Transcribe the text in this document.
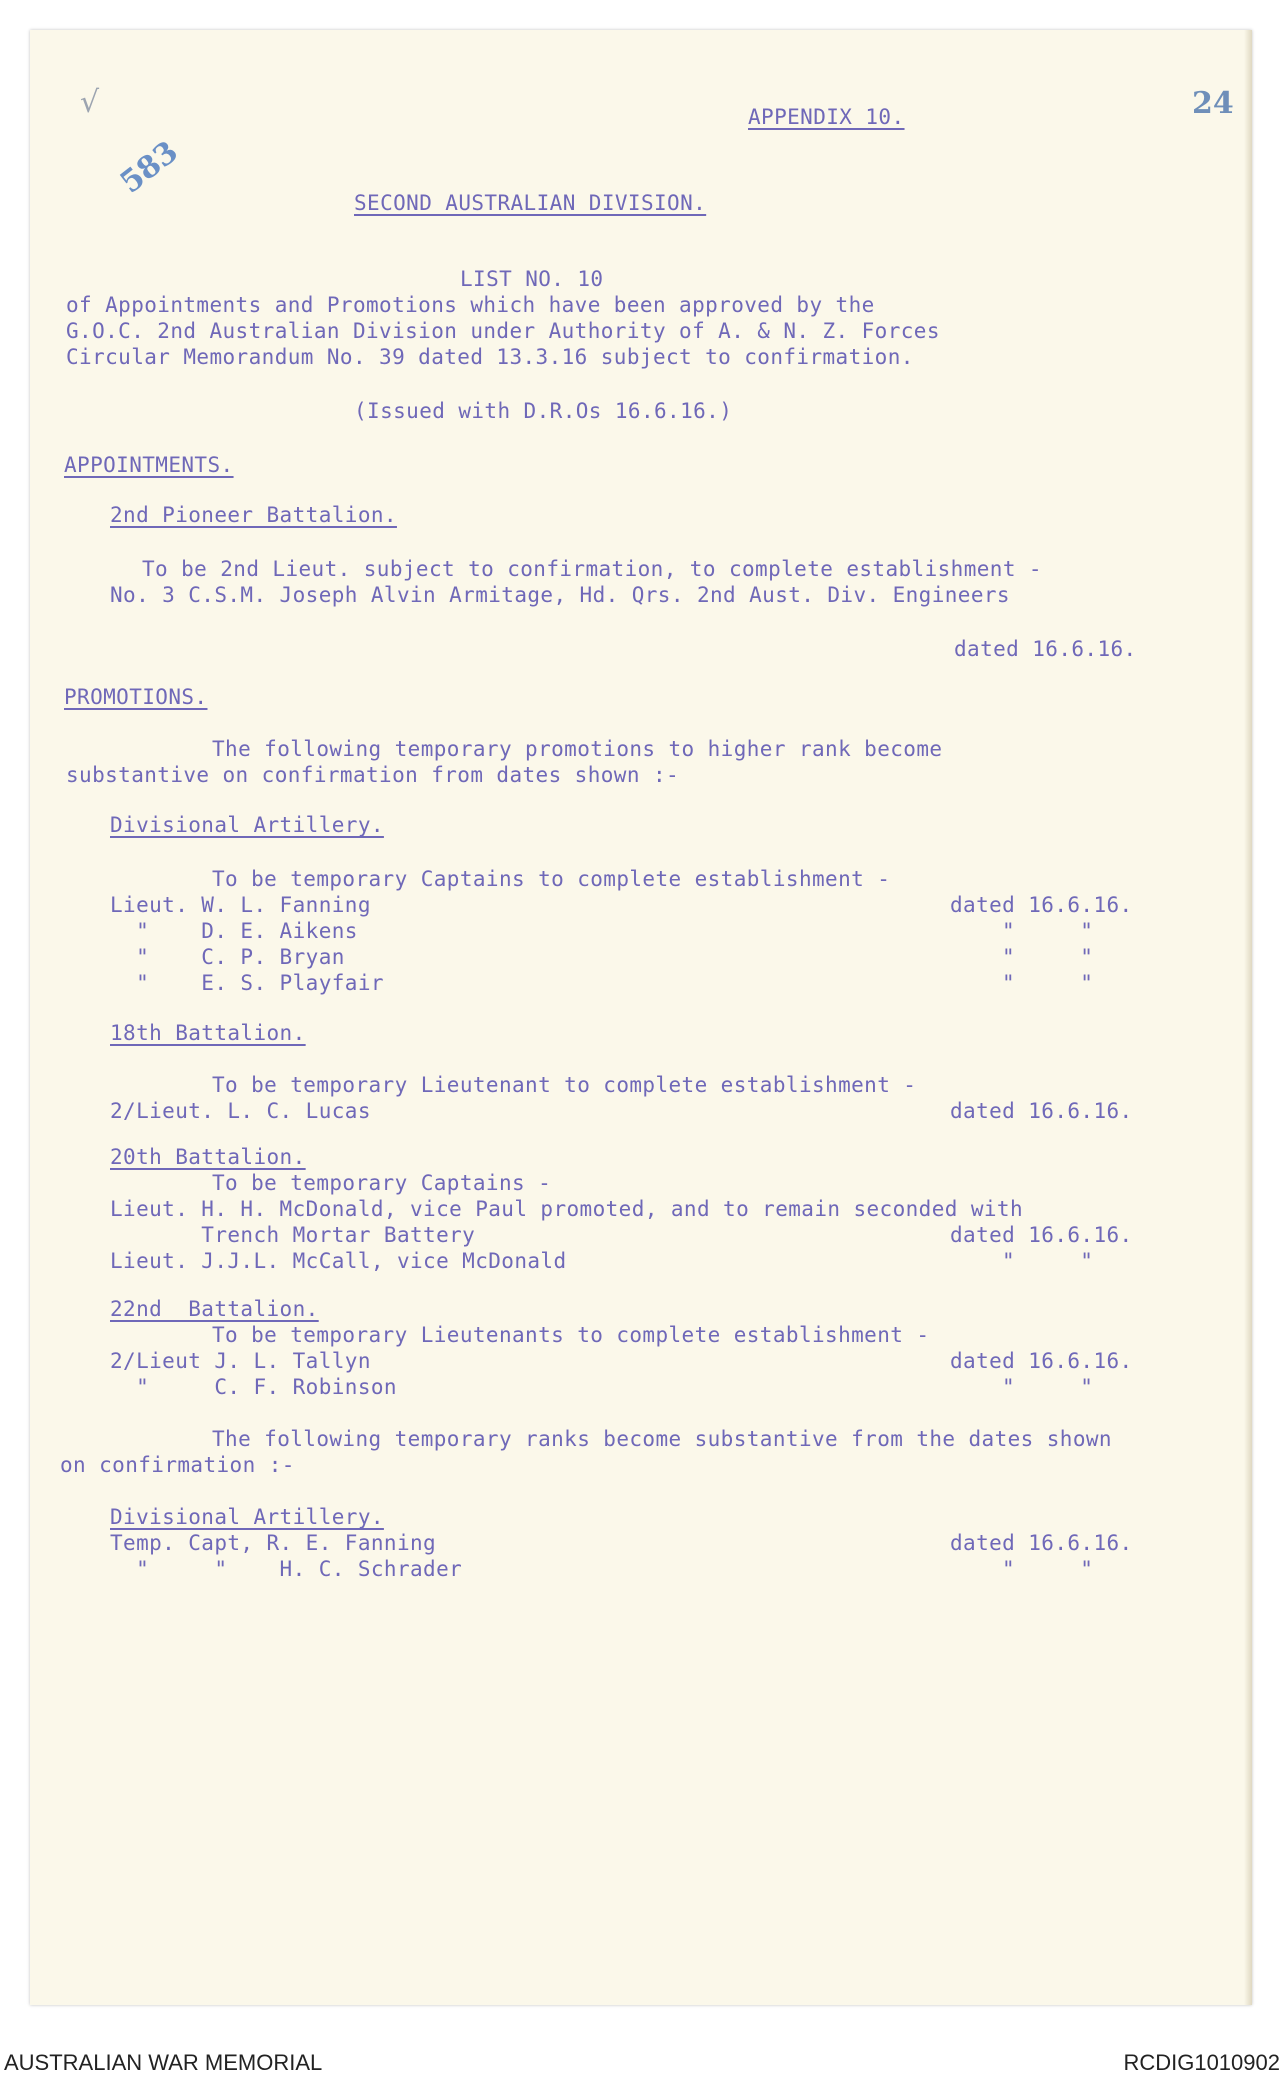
√
583
24
APPENDIX 10.
SECOND AUSTRALIAN DIVISION.
LIST NO. 10
of Appointments and Promotions which have been approved by the
G.O.C. 2nd Australian Division under Authority of A. & N. Z. Forces
Circular Memorandum No. 39 dated 13.3.16 subject to confirmation.
(Issued with D.R.Os 16.6.16.)
APPOINTMENTS.
2nd Pioneer Battalion.
To be 2nd Lieut. subject to confirmation, to complete establishment -
No. 3 C.S.M. Joseph Alvin Armitage, Hd. Qrs. 2nd Aust. Div. Engineers
dated 16.6.16.
PROMOTIONS.
The following temporary promotions to higher rank become
substantive on confirmation from dates shown :-
Divisional Artillery.
To be temporary Captains to complete establishment -
Lieut. W. L. Fanning	dated 16.6.16.
"    D. E. Aikens	"     "
"    C. P. Bryan	"     "
"    E. S. Playfair	"     "
18th Battalion.
To be temporary Lieutenant to complete establishment -
2/Lieut. L. C. Lucas	dated 16.6.16.
20th Battalion.
To be temporary Captains -
Lieut. H. H. McDonald, vice Paul promoted, and to remain seconded with
Trench Mortar Battery	dated 16.6.16.
Lieut. J.J.L. McCall, vice McDonald	"     "
22nd  Battalion.
To be temporary Lieutenants to complete establishment -
2/Lieut J. L. Tallyn	dated 16.6.16.
"     C. F. Robinson	"     "
The following temporary ranks become substantive from the dates shown
on confirmation :-
Divisional Artillery.
Temp. Capt, R. E. Fanning	dated 16.6.16.
"     "    H. C. Schrader	"     "
AUSTRALIAN WAR MEMORIAL	RCDIG1010902
